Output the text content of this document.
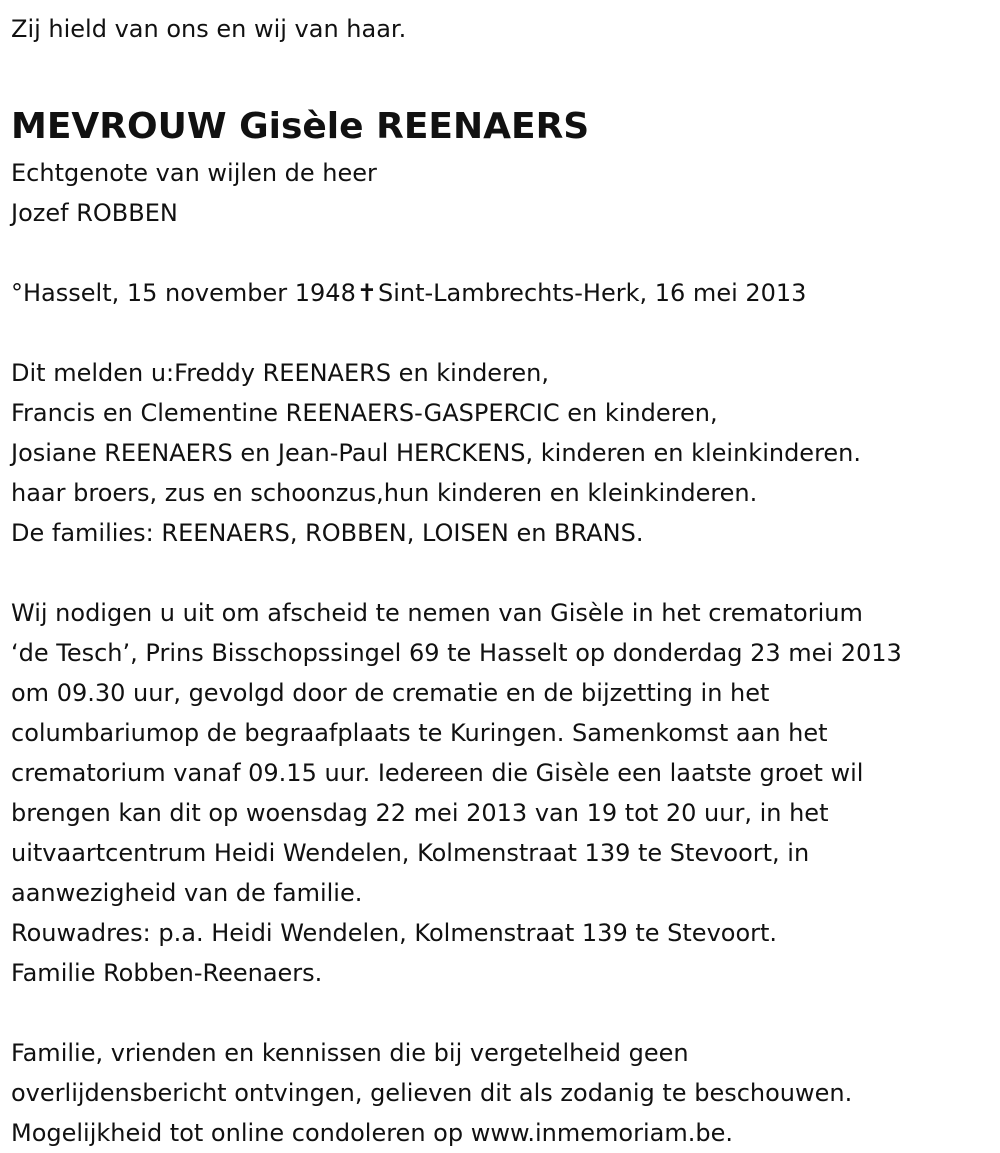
Zij hield van ons en wij van haar.

MEVROUW Gisèle REENAERS

Echtgenote van wijlen de heer

Jozef ROBBEN

°Hasselt, 15 november 1948✝Sint-Lambrechts-Herk, 16 mei 2013

Dit melden u:Freddy REENAERS en kinderen,

Francis en Clementine REENAERS-GASPERCIC en kinderen,

Josiane REENAERS en Jean-Paul HERCKENS, kinderen en kleinkinderen.

haar broers, zus en schoonzus,hun kinderen en kleinkinderen.

De families: REENAERS, ROBBEN, LOISEN en BRANS.

Wij nodigen u uit om afscheid te nemen van Gisèle in het crematorium

‘de Tesch’, Prins Bisschopssingel 69 te Hasselt op donderdag 23 mei 2013

om 09.30 uur, gevolgd door de crematie en de bijzetting in het

columbariumop de begraafplaats te Kuringen. Samenkomst aan het

crematorium vanaf 09.15 uur. Iedereen die Gisèle een laatste groet wil

brengen kan dit op woensdag 22 mei 2013 van 19 tot 20 uur, in het

uitvaartcentrum Heidi Wendelen, Kolmenstraat 139 te Stevoort, in

aanwezigheid van de familie.

Rouwadres: p.a. Heidi Wendelen, Kolmenstraat 139 te Stevoort.

Familie Robben-Reenaers.

Familie, vrienden en kennissen die bij vergetelheid geen

overlijdensbericht ontvingen, gelieven dit als zodanig te beschouwen.

Mogelijkheid tot online condoleren op www.inmemoriam.be.
